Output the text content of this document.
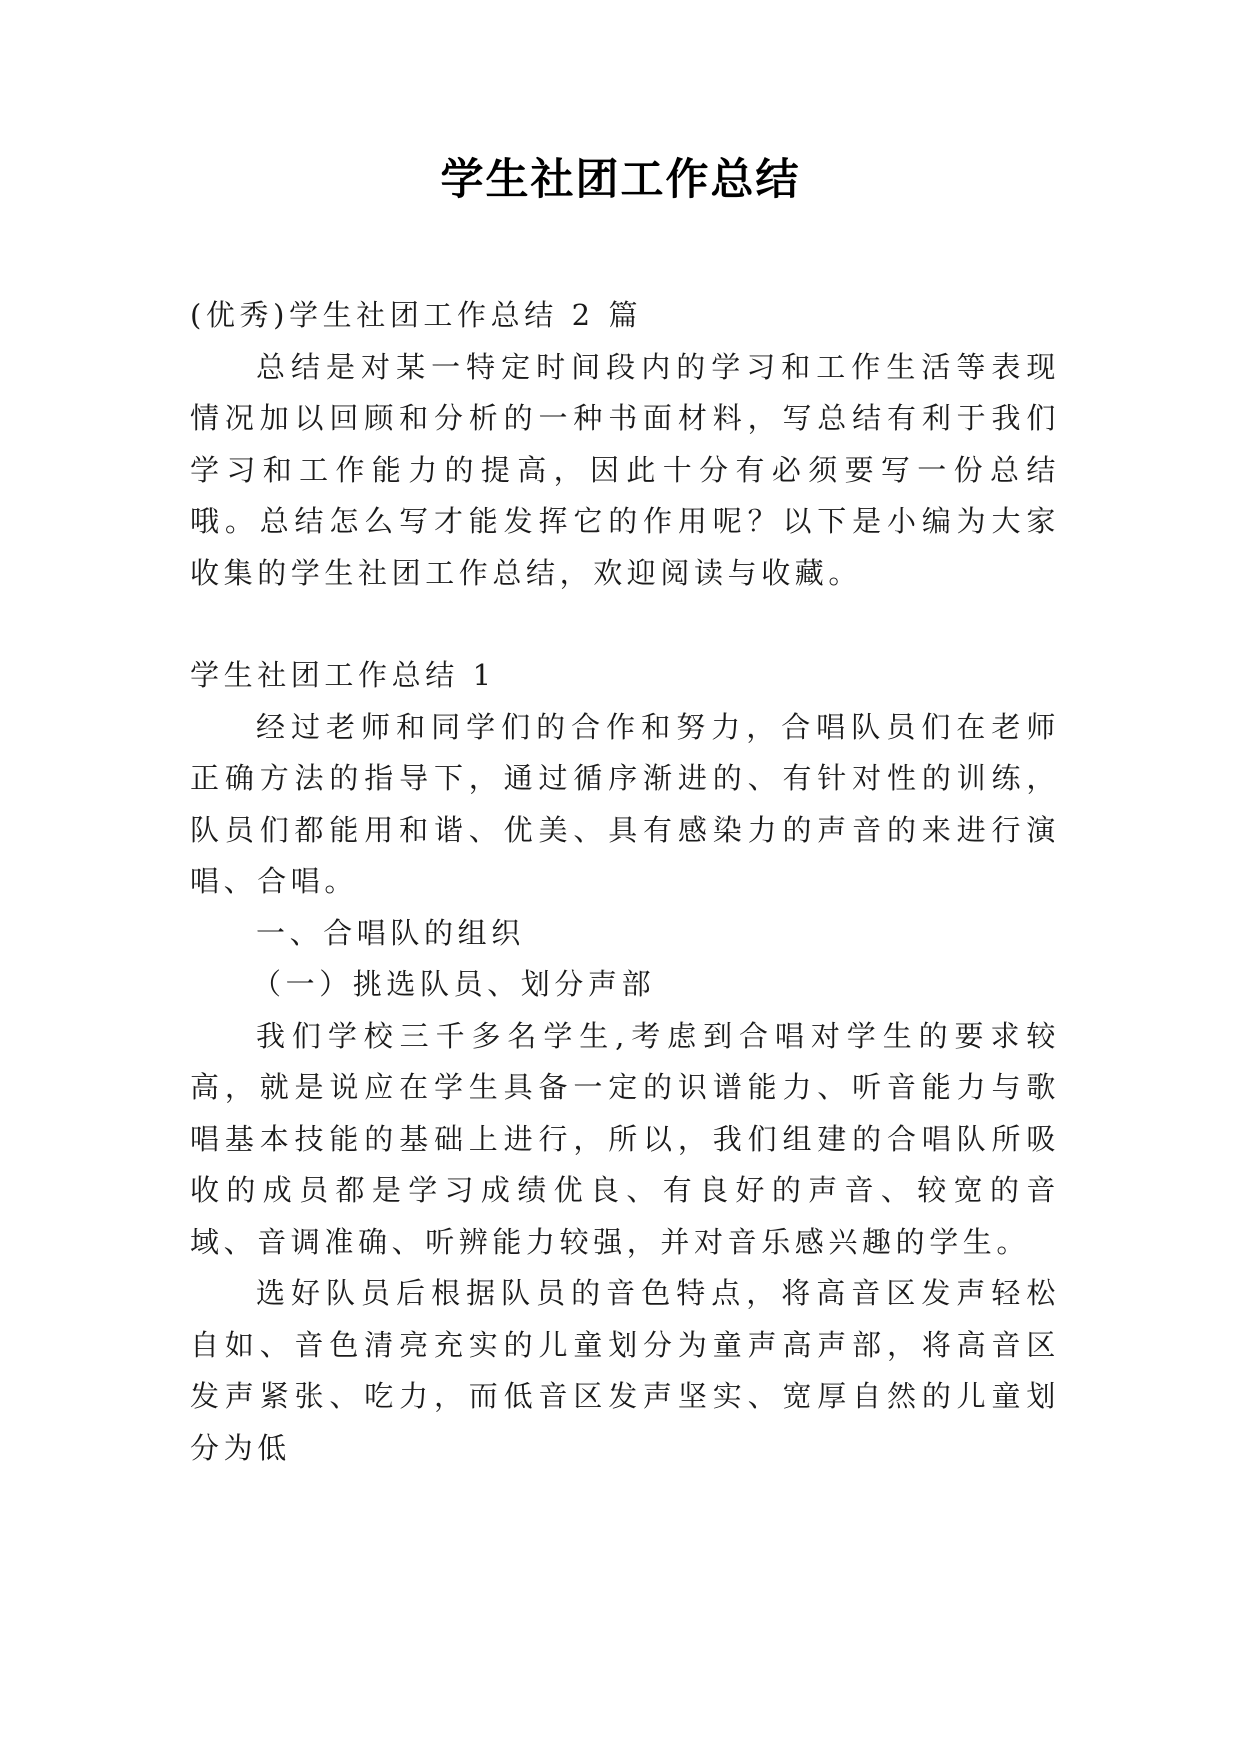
学生社团工作总结

(优秀)学生社团工作总结 2 篇

总结是对某一特定时间段内的学习和工作生活等表现情况加以回顾和分析的一种书面材料，写总结有利于我们学习和工作能力的提高，因此十分有必须要写一份总结哦。总结怎么写才能发挥它的作用呢？以下是小编为大家收集的学生社团工作总结，欢迎阅读与收藏。

学生社团工作总结 1

经过老师和同学们的合作和努力，合唱队员们在老师正确方法的指导下，通过循序渐进的、有针对性的训练，队员们都能用和谐、优美、具有感染力的声音的来进行演唱、合唱。

一、合唱队的组织

（一）挑选队员、划分声部

我们学校三千多名学生,考虑到合唱对学生的要求较高，就是说应在学生具备一定的识谱能力、听音能力与歌唱基本技能的基础上进行，所以，我们组建的合唱队所吸收的成员都是学习成绩优良、有良好的声音、较宽的音域、音调准确、听辨能力较强，并对音乐感兴趣的学生。

选好队员后根据队员的音色特点，将高音区发声轻松自如、音色清亮充实的儿童划分为童声高声部，将高音区发声紧张、吃力，而低音区发声坚实、宽厚自然的儿童划分为低
